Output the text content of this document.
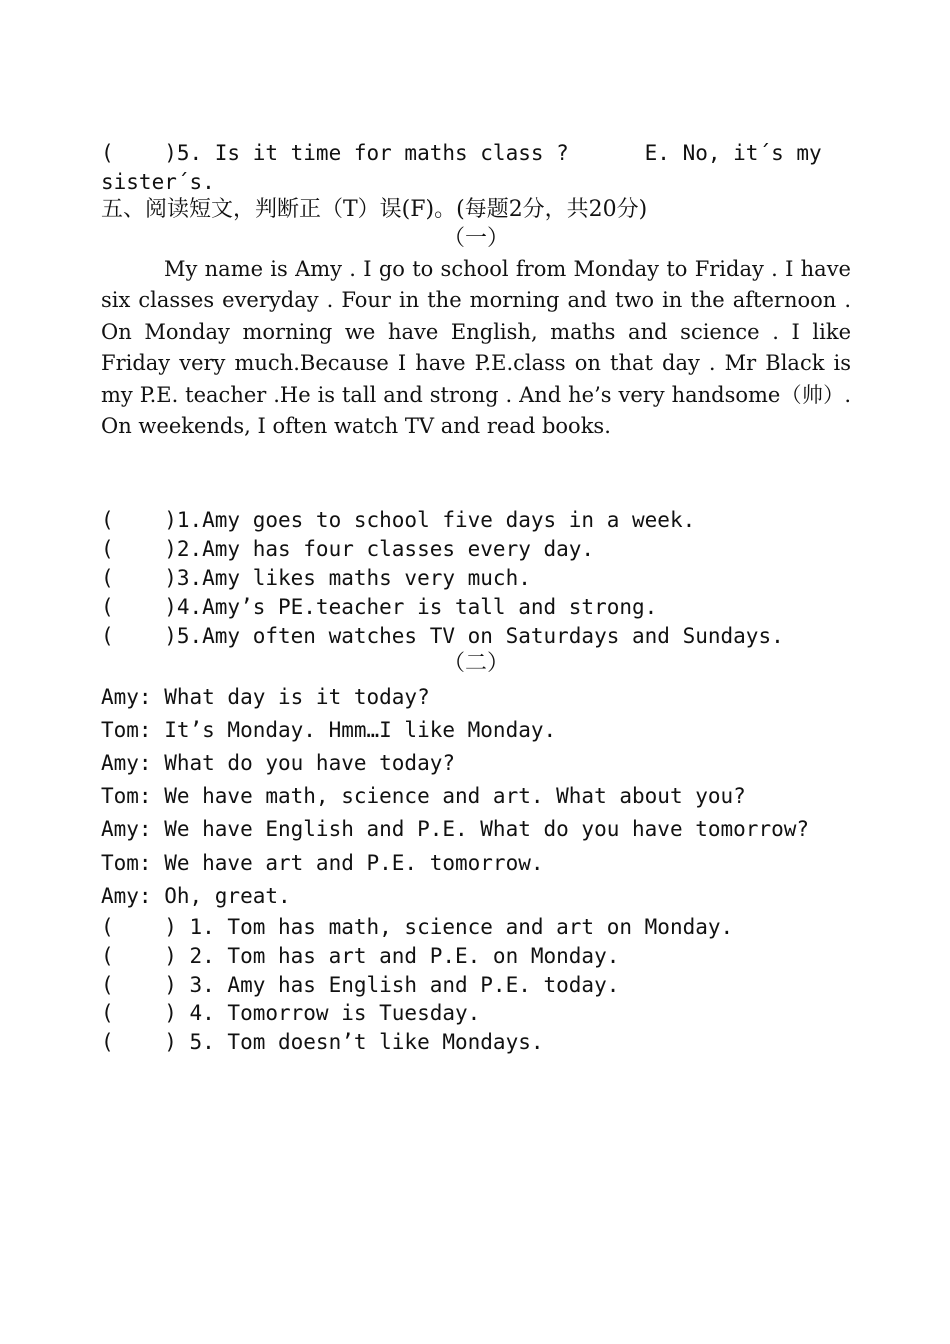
(    )5. Is it time for maths class ?      E. No, it´s my
sister´s.
五、阅读短文，判断正（T）误(F)。(每题2分，共20分)
（一）
My name is Amy . I go to school from Monday to Friday . I have six classes everyday . Four in the morning and two in the afternoon . On Monday morning we have English, maths and science . I like Friday very much.Because I have P.E.class on that day . Mr Black is my P.E. teacher .He is tall and strong . And he’s very handsome（帅）. On weekends, I often watch TV and read books.
(    )1.Amy goes to school five days in a week.
(    )2.Amy has four classes every day.
(    )3.Amy likes maths very much.
(    )4.Amy’s PE.teacher is tall and strong.
(    )5.Amy often watches TV on Saturdays and Sundays.
（二）
Amy: What day is it today?
Tom: It’s Monday. Hmm…I like Monday.
Amy: What do you have today?
Tom: We have math, science and art. What about you?
Amy: We have English and P.E. What do you have tomorrow?
Tom: We have art and P.E. tomorrow.
Amy: Oh, great.
(    ) 1. Tom has math, science and art on Monday.
(    ) 2. Tom has art and P.E. on Monday.
(    ) 3. Amy has English and P.E. today.
(    ) 4. Tomorrow is Tuesday.
(    ) 5. Tom doesn’t like Mondays.
